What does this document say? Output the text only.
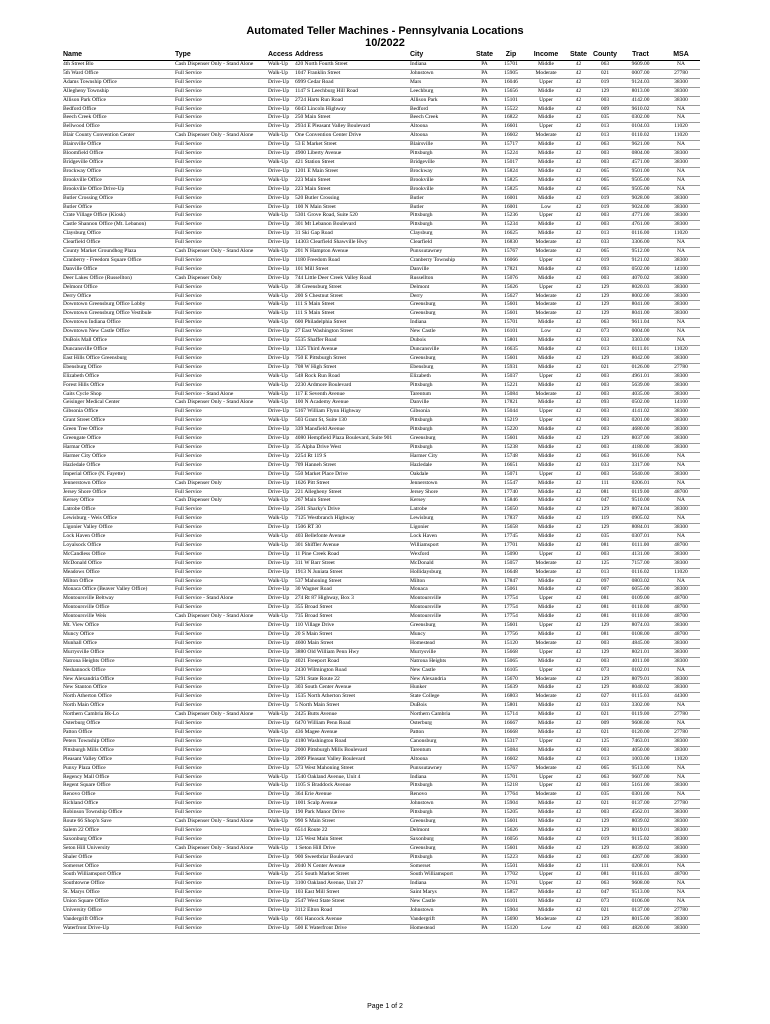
Automated Teller Machines - Pennsylvania Locations
10/2022
Name	Type	Access	Address	City	State	Zip	Income	State	County	Tract	MSA
4th Street Blo	Cash Dispenser Only - Stand Alone	Walk-Up	420 North Fourth Street	Indiana	PA	15701	Middle	42	063	9609.00	NA
5th Ward Office	Full Service	Walk-Up	1047 Franklin Street	Johnstown	PA	15905	Moderate	42	021	0007.00	27780
Adams Township Office	Full Service	Drive-Up	6999 Cedar Road	Mars	PA	16046	Upper	42	019	9124.03	38300
Allegheny Township	Full Service	Drive-Up	1147 S Leechburg Hill Road	Leechburg	PA	15656	Middle	42	129	8013.00	38300
Allison Park Office	Full Service	Drive-Up	2724 Harts Run Road	Allison Park	PA	15101	Upper	42	003	4142.00	38300
Bedford Office	Full Service	Drive-Up	6043 Lincoln Highway	Bedford	PA	15522	Middle	42	009	9610.02	NA
Beech Creek Office	Full Service	Drive-Up	250 Main Street	Beech Creek	PA	16822	Middle	42	035	0302.00	NA
Bellwood Office	Full Service	Drive-Up	2934 E Pleasant Valley Boulevard	Altoona	PA	16601	Upper	42	013	0104.03	11020
Blair County Convention Center	Cash Dispenser Only - Stand Alone	Walk-Up	One Convention Center Drive	Altoona	PA	16602	Moderate	42	013	0110.02	11020
Blairsville Office	Full Service	Drive-Up	53 E Market Street	Blairsville	PA	15717	Middle	42	063	9621.00	NA
Bloomfield Office	Full Service	Drive-Up	4900 Liberty Avenue	Pittsburgh	PA	15224	Middle	42	003	0804.00	38300
Bridgeville Office	Full Service	Walk-Up	421 Station Street	Bridgeville	PA	15017	Middle	42	003	4571.00	38300
Brockway Office	Full Service	Drive-Up	1201 E Main Street	Brockway	PA	15824	Middle	42	065	9501.00	NA
Brookville Office	Full Service	Walk-Up	223 Main Street	Brookville	PA	15825	Middle	42	065	9505.00	NA
Brookville Office Drive-Up	Full Service	Drive-Up	223 Main Street	Brookville	PA	15825	Middle	42	065	9505.00	NA
Butler Crossing Office	Full Service	Drive-Up	520 Butler Crossing	Butler	PA	16001	Middle	42	019	9028.00	38300
Butler Office	Full Service	Drive-Up	100 N Main Street	Butler	PA	16001	Low	42	019	9024.00	38300
Crate Village Office (Kiosk)	Full Service	Walk-Up	5301 Grove Road, Suite 520	Pittsburgh	PA	15236	Upper	42	003	4771.00	38300
Castle Shannon Office (Mt. Lebanon)	Full Service	Drive-Up	301 Mt Lebanon Boulevard	Pittsburgh	PA	15234	Middle	42	003	4761.00	38300
Claysburg Office	Full Service	Drive-Up	31 Ski Gap Road	Claysburg	PA	16625	Middle	42	013	0116.00	11020
Clearfield Office	Full Service	Drive-Up	14303 Clearfield Shawville Hwy	Clearfield	PA	16830	Moderate	42	033	3306.00	NA
County Market Groundhog Plaza	Cash Dispenser Only - Stand Alone	Walk-Up	201 N Hampton Avenue	Punxsutawney	PA	15767	Moderate	42	065	9512.00	NA
Cranberry - Freedom Square Office	Full Service	Drive-Up	1180 Freedom Road	Cranberry Township	PA	16066	Upper	42	019	9121.02	38300
Danville Office	Full Service	Drive-Up	101 Mill Street	Danville	PA	17821	Middle	42	093	0502.00	14100
Deer Lakes Office (Russellton)	Cash Dispenser Only	Drive-Up	744 Little Deer Creek Valley Road	Russellton	PA	15076	Middle	42	003	4070.02	38300
Delmont Office	Full Service	Walk-Up	38 Greensburg Street	Delmont	PA	15626	Upper	42	129	8020.03	38300
Derry Office	Full Service	Walk-Up	200 S Chestnut Street	Derry	PA	15627	Moderate	42	129	8002.00	38300
Downtown Greensburg Office Lobby	Full Service	Walk-Up	111 S Main Street	Greensburg	PA	15601	Moderate	42	129	8041.00	38300
Downtown Greensburg Office Vestibule	Full Service	Walk-Up	111 S Main Street	Greensburg	PA	15601	Moderate	42	129	8041.00	38300
Downtown Indiana Office	Full Service	Walk-Up	600 Philadelphia Street	Indiana	PA	15701	Middle	42	063	9611.04	NA
Downtown New Castle Office	Full Service	Drive-Up	27 East Washington Street	New Castle	PA	16101	Low	42	073	0004.00	NA
DuBois Mall Office	Full Service	Drive-Up	5535 Shaffer Road	Dubois	PA	15801	Middle	42	033	3303.00	NA
Duncansville Office	Full Service	Drive-Up	1325 Third Avenue	Duncansville	PA	16635	Middle	42	013	0111.01	11020
East Hills Office Greensburg	Full Service	Drive-Up	750 E Pittsburgh Street	Greensburg	PA	15601	Middle	42	129	8042.00	38300
Ebensburg Office	Full Service	Drive-Up	708 W High Street	Ebensburg	PA	15931	Middle	42	021	0126.00	27780
Elizabeth Office	Full Service	Walk-Up	548 Rock Run Road	Elizabeth	PA	15037	Upper	42	003	4961.01	38300
Forest Hills Office	Full Service	Walk-Up	2230 Ardmore Boulevard	Pittsburgh	PA	15221	Middle	42	003	5639.00	38300
Gaits Cycle Shop	Full Service - Stand Alone	Walk-Up	117 E Seventh Avenue	Tarentum	PA	15084	Moderate	42	003	4035.00	38300
Geisinger Medical Center	Cash Dispenser Only - Stand Alone	Walk-Up	100 N Academy Avenue	Danville	PA	17821	Middle	42	093	0502.00	14100
Gibsonia Office	Full Service	Drive-Up	5167 William Flynn Highway	Gibsonia	PA	15044	Upper	42	003	4141.02	38300
Grant Street Office	Full Service	Walk-Up	503 Grant St, Suite 130	Pittsburgh	PA	15219	Upper	42	003	0201.00	38300
Green Tree Office	Full Service	Drive-Up	339 Mansfield Avenue	Pittsburgh	PA	15220	Middle	42	003	4680.00	38300
Greengate Office	Full Service	Drive-Up	4080 Hempfield Plaza Boulevard, Suite 901	Greensburg	PA	15601	Middle	42	129	8037.00	38300
Harmar Office	Full Service	Drive-Up	35 Alpha Drive West	Pittsburgh	PA	15238	Middle	42	003	4180.00	38300
Harmer City Office	Full Service	Drive-Up	2254 Rt 119 S	Harmer City	PA	15748	Middle	42	063	9616.00	NA
Hazledale Office	Full Service	Drive-Up	709 Hanneh Street	Hazledale	PA	16651	Middle	42	033	3317.00	NA
Imperial Office (N. Fayette)	Full Service	Drive-Up	550 Market Place Drive	Oakdale	PA	15071	Upper	42	003	5640.00	38300
Jennerstown Office	Cash Dispenser Only	Drive-Up	1626 Pitt Street	Jennerstown	PA	15547	Middle	42	111	0206.01	NA
Jersey Shore Office	Full Service	Drive-Up	221 Allegheny Street	Jersey Shore	PA	17740	Middle	42	081	0119.00	48700
Kersey Office	Cash Dispenser Only	Walk-Up	267 Main Street	Kersey	PA	15846	Middle	42	047	9510.00	NA
Latrobe Office	Full Service	Drive-Up	2501 Sharky's Drive	Latrobe	PA	15650	Middle	42	129	8074.04	38300
Lewisburg - Weis Office	Full Service	Walk-Up	7125 Westbranch Highway	Lewisburg	PA	17837	Middle	42	119	0905.02	NA
Ligonier Valley Office	Full Service	Drive-Up	1506 RT 30	Ligonier	PA	15658	Middle	42	129	8084.01	38300
Lock Haven Office	Full Service	Walk-Up	403 Bellefonte Avenue	Lock Haven	PA	17745	Middle	42	035	0307.01	NA
Loyalsock Office	Full Service	Walk-Up	301 Shiffler Avenue	Williamsport	PA	17701	Middle	42	081	0111.00	48700
McCandless Office	Full Service	Drive-Up	11 Pine Creek Road	Wexford	PA	15090	Upper	42	003	4131.00	38300
McDonald Office	Full Service	Drive-Up	311 W Barr Street	McDonald	PA	15057	Moderate	42	125	7157.00	38300
Meadows Office	Full Service	Drive-Up	1913 N Juniata Street	Hollidaysburg	PA	16648	Moderate	42	013	0116.02	11020
Milton Office	Full Service	Walk-Up	537 Mahoning Street	Milton	PA	17847	Middle	42	097	0803.02	NA
Monaca Office (Beaver Valley Office)	Full Service	Drive-Up	30 Wagner Road	Monaca	PA	15061	Middle	42	007	6055.00	38300
Montoursville Beltway	Full Service - Stand Alone	Drive-Up	274 Rt 87 Highway, Box 3	Montoursville	PA	17754	Upper	42	081	0109.00	48700
Montoursville Office	Full Service	Drive-Up	355 Broad Street	Montoursville	PA	17754	Middle	42	081	0110.00	48700
Montoursville Weis	Cash Dispenser Only - Stand Alone	Walk-Up	735 Broad Street	Montoursville	PA	17754	Middle	42	081	0110.00	48700
Mt. View Office	Full Service	Drive-Up	110 Village Drive	Greensburg	PA	15601	Upper	42	129	8074.03	38300
Muncy Office	Full Service	Drive-Up	20 S Main Street	Muncy	PA	17756	Middle	42	081	0108.00	48700
Munhall Office	Full Service	Drive-Up	4600 Main Street	Homestead	PA	15120	Moderate	42	003	4845.00	38300
Murrysville Office	Full Service	Drive-Up	3880 Old William Penn Hwy	Murrysville	PA	15668	Upper	42	129	8021.01	38300
Natrona Heights Office	Full Service	Drive-Up	4021 Freeport Road	Natrona Heights	PA	15065	Middle	42	003	4011.00	38300
Neshannock Office	Full Service	Drive-Up	2430 Wilmington Road	New Castle	PA	16105	Upper	42	073	0102.01	NA
New Alexandria Office	Full Service	Drive-Up	5291 State Route 22	New Alexandria	PA	15670	Moderate	42	129	8079.01	38300
New Stanton Office	Full Service	Drive-Up	303 South Center Avenue	Hunker	PA	15639	Middle	42	129	8040.02	38300
North Atherton Office	Full Service	Drive-Up	1535 North Atherton Street	State College	PA	16803	Moderate	42	027	0115.03	44300
North Main Office	Full Service	Drive-Up	5 North Main Street	DuBois	PA	15801	Middle	42	033	3302.00	NA
Northern Cambria Bk-Lo	Cash Dispenser Only - Stand Alone	Walk-Up	2425 Butts Avenue	Northern Cambria	PA	15714	Middle	42	021	0119.00	27780
Osterburg Office	Full Service	Drive-Up	6470 William Penn Road	Osterburg	PA	16667	Middle	42	009	9608.00	NA
Patton Office	Full Service	Walk-Up	436 Magee Avenue	Patton	PA	16668	Middle	42	021	0120.00	27780
Peters Township Office	Full Service	Drive-Up	4180 Washington Road	Canonsburg	PA	15317	Upper	42	125	7463.01	38300
Pittsburgh Mills Office	Full Service	Drive-Up	2000 Pittsburgh Mills Boulevard	Tarentum	PA	15084	Middle	42	003	4050.00	38300
Pleasant Valley Office	Full Service	Drive-Up	2009 Pleasant Valley Boulevard	Altoona	PA	16602	Middle	42	013	1003.00	11020
Punxy Plaza Office	Full Service	Drive-Up	573 West Mahoning Street	Punxsutawney	PA	15767	Moderate	42	065	9513.00	NA
Regency Mall Office	Full Service	Walk-Up	1540 Oakland Avenue, Unit 4	Indiana	PA	15701	Upper	42	063	9607.00	NA
Regent Square Office	Full Service	Walk-Up	1105 S Braddock Avenue	Pittsburgh	PA	15218	Upper	42	003	5161.00	38300
Renovo Office	Full Service	Drive-Up	364 Erie Avenue	Renovo	PA	17764	Moderate	42	035	0301.00	NA
Richland Office	Full Service	Drive-Up	1001 Scalp Avenue	Johnstown	PA	15904	Middle	42	021	0137.00	27780
Robinson Township Office	Full Service	Drive-Up	190 Park Manor Drive	Pittsburgh	PA	15205	Middle	42	003	4562.01	38300
Route 66 Shop'n Save	Cash Dispenser Only - Stand Alone	Walk-Up	990 S Main Street	Greensburg	PA	15601	Middle	42	129	8039.02	38300
Salem 22 Office	Full Service	Drive-Up	6514 Route 22	Delmont	PA	15626	Middle	42	129	8019.01	38300
Saxonburg Office	Full Service	Drive-Up	125 West Main Street	Saxonburg	PA	16056	Middle	42	019	9115.02	38300
Seton Hill University	Cash Dispenser Only - Stand Alone	Walk-Up	1 Seton Hill Drive	Greensburg	PA	15601	Middle	42	129	8039.02	38300
Shaler Office	Full Service	Drive-Up	900 Sweetbriar Boulevard	Pittsburgh	PA	15223	Middle	42	003	4267.00	38300
Somerset Office	Full Service	Drive-Up	2040 N Center Avenue	Somerset	PA	15501	Middle	42	111	0208.01	NA
South Williamsport Office	Full Service	Walk-Up	251 South Market Street	South Williamsport	PA	17702	Upper	42	081	0116.03	48700
Southtowne Office	Full Service	Drive-Up	3100 Oakland Avenue, Unit 27	Indiana	PA	15701	Upper	42	063	9608.00	NA
St. Marys Office	Full Service	Drive-Up	103 East Mill Street	Saint Marys	PA	15857	Middle	42	047	9513.00	NA
Union Square Office	Full Service	Drive-Up	2547 West State Street	New Castle	PA	16101	Middle	42	073	0106.00	NA
University Office	Full Service	Drive-Up	3112 Elton Road	Johnstown	PA	15904	Middle	42	021	0137.00	27780
Vandergrift Office	Full Service	Walk-Up	601 Hancock Avenue	Vandergrift	PA	15690	Moderate	42	129	8015.00	38300
Waterfront Drive-Up	Full Service	Drive-Up	500 E Waterfront Drive	Homestead	PA	15120	Low	42	003	4820.00	38300
Page 1 of 2
